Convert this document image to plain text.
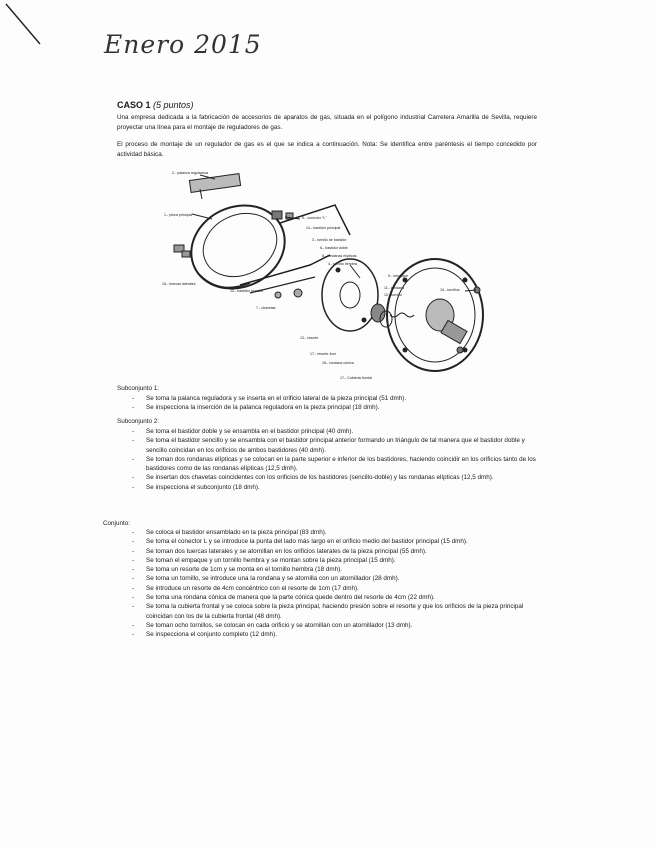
Enero 2015
CASO 1 (5 puntos)
Una empresa dedicada a la fabricación de accesorios de aparatos de gas, situada en el polígono industrial Carretera Amarilla de Sevilla, requiere proyectar una línea para el montaje de reguladores de gas.
El proceso de montaje de un regulador de gas es el que se indica a continuación. Nota: Se identifica entre paréntesis el tiempo concedido por actividad básica.
2.- palanca reguladora
1.- pieza principal
5.- conector "L"
14.- bastidor principal
3.- tornillo de bastidor
6.- bastidor doble
8.- rondanas elípticas
4.- tornillo hembra
9.- empaque
11.- rondana
10.- tornillo
15.- tornillos
16.- tuercas laterales
12.- bastidor sencillo
7.- chavetas
13.- resorte
17.- resorte 4cm
18.- rondana cónica
17.- Cubierta frontal
Subconjunto 1:
- Se toma la palanca reguladora y se inserta en el orificio lateral de la pieza principal (51 dmh).
- Se inspecciona la inserción de la palanca reguladora en la pieza principal (18 dmh).
Subconjunto 2:
- Se toma el bastidor doble y se ensambla en el bastidor principal (40 dmh).
- Se toma el bastidor sencillo y se ensambla con el bastidor principal anterior formando un triángulo de tal manera que el bastidor doble y sencillo coincidan en los orificios de ambos bastidores (40 dmh).
- Se toman dos rondanas elípticas y se colocan en la parte superior e inferior de los bastidores, haciendo coincidir en los orificios tanto de los bastidores como de las rondanas elípticas (12,5 dmh).
- Se insertan dos chavetas coincidentes con los orificios de los bastidores (sencillo-doble) y las rondanas elípticas (12,5 dmh).
- Se inspecciona el subconjunto (18 dmh).
Conjunto:
- Se coloca el bastidor ensamblado en la pieza principal (83 dmh).
- Se toma el conector L y se introduce la punta del lado más largo en el orificio medio del bastidor principal (15 dmh).
- Se toman dos tuercas laterales y se atornillan en los orificios laterales de la pieza principal (55 dmh).
- Se toman el empaque y un tornillo hembra y se montan sobre la pieza principal (15 dmh).
- Se toma un resorte de 1cm y se monta en el tornillo hembra (18 dmh).
- Se toma un tornillo, se introduce una la rondana y se atornilla con un atornillador (28 dmh).
- Se introduce un resorte de 4cm concéntrico con el resorte de 1cm (17 dmh).
- Se toma una rondana cónica de manera que la parte cónica quede dentro del resorte de 4cm (22 dmh).
- Se toma la cubierta frontal y se coloca sobre la pieza principal, haciendo presión sobre el resorte y que los orificios de la pieza principal coincidan con los de la cubierta frontal (48 dmh).
- Se toman ocho tornillos, se colocan en cada orificio y se atornillan con un atornillador (13 dmh).
- Se inspecciona el conjunto completo (12 dmh).
